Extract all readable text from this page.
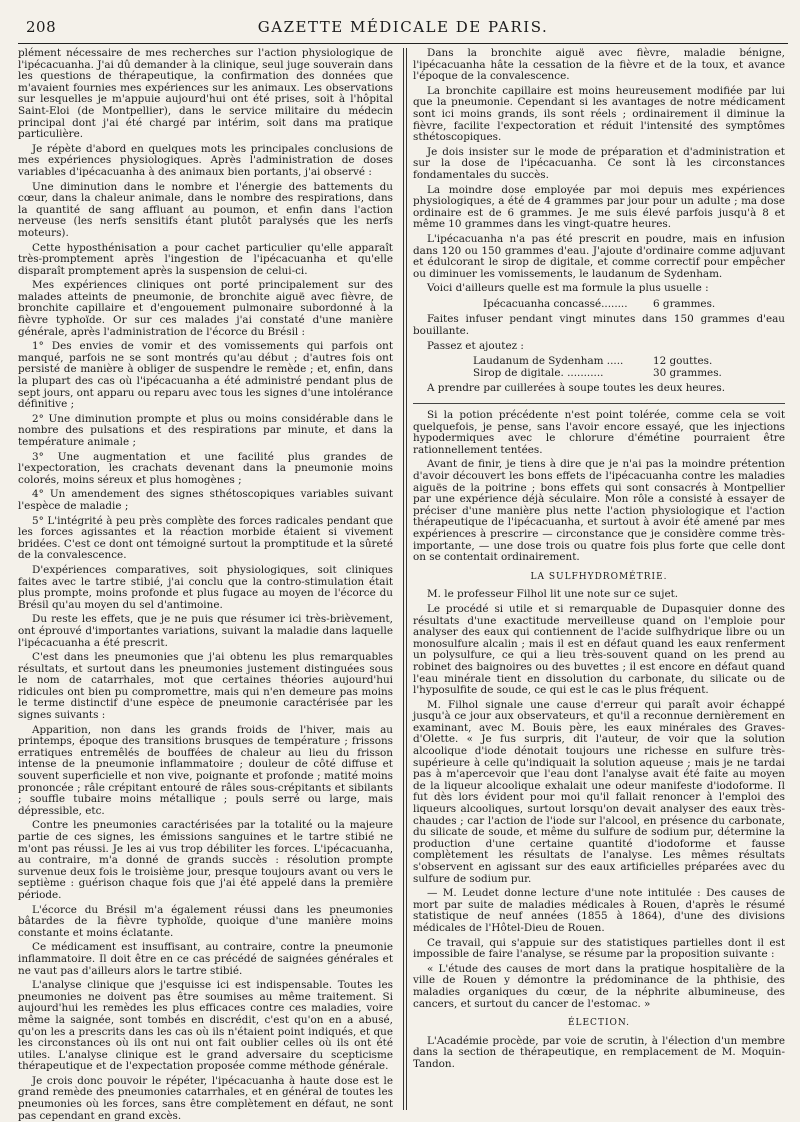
208	GAZETTE MÉDICALE DE PARIS.

plément nécessaire de mes recherches sur l'action physiologique de l'ipécacuanha. J'ai dû demander à la clinique, seul juge souverain dans les questions de thérapeutique, la confirmation des données que m'avaient fournies mes expériences sur les animaux. Les observations sur lesquelles je m'appuie aujourd'hui ont été prises, soit à l'hôpital Saint-Eloi (de Montpellier), dans le service militaire du médecin principal dont j'ai été chargé par intérim, soit dans ma pratique particulière.

Je répète d'abord en quelques mots les principales conclusions de mes expériences physiologiques. Après l'administration de doses variables d'ipécacuanha à des animaux bien portants, j'ai observé :

Une diminution dans le nombre et l'énergie des battements du cœur, dans la chaleur animale, dans le nombre des respirations, dans la quantité de sang affluant au poumon, et enfin dans l'action nerveuse (les nerfs sensitifs étant plutôt paralysés que les nerfs moteurs).

Cette hyposthénisation a pour cachet particulier qu'elle apparaît très-promptement après l'ingestion de l'ipécacuanha et qu'elle disparaît promptement après la suspension de celui-ci.

Mes expériences cliniques ont porté principalement sur des malades atteints de pneumonie, de bronchite aiguë avec fièvre, de bronchite capillaire et d'engouement pulmonaire subordonné à la fièvre typhoïde. Or sur ces malades j'ai constaté d'une manière générale, après l'administration de l'écorce du Brésil :

1° Des envies de vomir et des vomissements qui parfois ont manqué, parfois ne se sont montrés qu'au début ; d'autres fois ont persisté de manière à obliger de suspendre le remède ; et, enfin, dans la plupart des cas où l'ipécacuanha a été administré pendant plus de sept jours, ont apparu ou reparu avec tous les signes d'une intolérance définitive ;

2° Une diminution prompte et plus ou moins considérable dans le nombre des pulsations et des respirations par minute, et dans la température animale ;

3° Une augmentation et une facilité plus grandes de l'expectoration, les crachats devenant dans la pneumonie moins colorés, moins séreux et plus homogènes ;

4° Un amendement des signes sthétoscopiques variables suivant l'espèce de maladie ;

5° L'intégrité à peu près complète des forces radicales pendant que les forces agissantes et la réaction morbide étaient si vivement bridées. C'est ce dont ont témoigné surtout la promptitude et la sûreté de la convalescence.

D'expériences comparatives, soit physiologiques, soit cliniques faites avec le tartre stibié, j'ai conclu que la contro-stimulation était plus prompte, moins profonde et plus fugace au moyen de l'écorce du Brésil qu'au moyen du sel d'antimoine.

Du reste les effets, que je ne puis que résumer ici très-brièvement, ont éprouvé d'importantes variations, suivant la maladie dans laquelle l'ipécacuanha a été prescrit.

C'est dans les pneumonies que j'ai obtenu les plus remarquables résultats, et surtout dans les pneumonies justement distinguées sous le nom de catarrhales, mot que certaines théories aujourd'hui ridicules ont bien pu compromettre, mais qui n'en demeure pas moins le terme distinctif d'une espèce de pneumonie caractérisée par les signes suivants :

Apparition, non dans les grands froids de l'hiver, mais au printemps, époque des transitions brusques de température ; frissons erratiques entremêlés de bouffées de chaleur au lieu du frisson intense de la pneumonie inflammatoire ; douleur de côté diffuse et souvent superficielle et non vive, poignante et profonde ; matité moins prononcée ; râle crépitant entouré de râles sous-crépitants et sibilants ; souffle tubaire moins métallique ; pouls serré ou large, mais dépressible, etc.

Contre les pneumonies caractérisées par la totalité ou la majeure partie de ces signes, les émissions sanguines et le tartre stibié ne m'ont pas réussi. Je les ai vus trop débiliter les forces. L'ipécacuanha, au contraire, m'a donné de grands succès : résolution prompte survenue deux fois le troisième jour, presque toujours avant ou vers le septième : guérison chaque fois que j'ai été appelé dans la première période.

L'écorce du Brésil m'a également réussi dans les pneumonies bâtardes de la fièvre typhoïde, quoique d'une manière moins constante et moins éclatante.

Ce médicament est insuffisant, au contraire, contre la pneumonie inflammatoire. Il doit être en ce cas précédé de saignées générales et ne vaut pas d'ailleurs alors le tartre stibié.

L'analyse clinique que j'esquisse ici est indispensable. Toutes les pneumonies ne doivent pas être soumises au même traitement. Si aujourd'hui les remèdes les plus efficaces contre ces maladies, voire même la saignée, sont tombés en discrédit, c'est qu'on en a abusé, qu'on les a prescrits dans les cas où ils n'étaient point indiqués, et que les circonstances où ils ont nui ont fait oublier celles où ils ont été utiles. L'analyse clinique est le grand adversaire du scepticisme thérapeutique et de l'expectation proposée comme méthode générale.

Je crois donc pouvoir le répéter, l'ipécacuanha à haute dose est le grand remède des pneumonies catarrhales, et en général de toutes les pneumonies où les forces, sans être complètement en défaut, ne sont pas cependant en grand excès.

Dans la bronchite aiguë avec fièvre, maladie bénigne, l'ipécacuanha hâte la cessation de la fièvre et de la toux, et avance l'époque de la convalescence.

La bronchite capillaire est moins heureusement modifiée par lui que la pneumonie. Cependant si les avantages de notre médicament sont ici moins grands, ils sont réels ; ordinairement il diminue la fièvre, facilite l'expectoration et réduit l'intensité des symptômes sthétoscopiques.

Je dois insister sur le mode de préparation et d'administration et sur la dose de l'ipécacuanha. Ce sont là les circonstances fondamentales du succès.

La moindre dose employée par moi depuis mes expériences physiologiques, a été de 4 grammes par jour pour un adulte ; ma dose ordinaire est de 6 grammes. Je me suis élevé parfois jusqu'à 8 et même 10 grammes dans les vingt-quatre heures.

L'ipécacuanha n'a pas été prescrit en poudre, mais en infusion dans 120 ou 150 grammes d'eau. J'ajoute d'ordinaire comme adjuvant et édulcorant le sirop de digitale, et comme correctif pour empêcher ou diminuer les vomissements, le laudanum de Sydenham.

Voici d'ailleurs quelle est ma formule la plus usuelle :

Ipécacuanha concassé........	6 grammes.

Faites infuser pendant vingt minutes dans 150 grammes d'eau bouillante.

Passez et ajoutez :

Laudanum de Sydenham .....	12 gouttes.
Sirop de digitale. ...........	30 grammes.

A prendre par cuillerées à soupe toutes les deux heures.

Si la potion précédente n'est point tolérée, comme cela se voit quelquefois, je pense, sans l'avoir encore essayé, que les injections hypodermiques avec le chlorure d'émétine pourraient être rationnellement tentées.

Avant de finir, je tiens à dire que je n'ai pas la moindre prétention d'avoir découvert les bons effets de l'ipécacuanha contre les maladies aiguës de la poitrine ; bons effets qui sont consacrés à Montpellier par une expérience déjà séculaire. Mon rôle a consisté à essayer de préciser d'une manière plus nette l'action physiologique et l'action thérapeutique de l'ipécacuanha, et surtout à avoir été amené par mes expériences à prescrire — circonstance que je considère comme très-importante, — une dose trois ou quatre fois plus forte que celle dont on se contentait ordinairement.

LA SULFHYDROMÉTRIE.

M. le professeur Filhol lit une note sur ce sujet.

Le procédé si utile et si remarquable de Dupasquier donne des résultats d'une exactitude merveilleuse quand on l'emploie pour analyser des eaux qui contiennent de l'acide sulfhydrique libre ou un monosulfure alcalin ; mais il est en défaut quand les eaux renferment un polysulfure, ce qui a lieu très-souvent quand on les prend au robinet des baignoires ou des buvettes ; il est encore en défaut quand l'eau minérale tient en dissolution du carbonate, du silicate ou de l'hyposulfite de soude, ce qui est le cas le plus fréquent.

M. Filhol signale une cause d'erreur qui paraît avoir échappé jusqu'à ce jour aux observateurs, et qu'il a reconnue dernièrement en examinant, avec M. Bouis père, les eaux minérales des Graves-d'Olette. « Je fus surpris, dit l'auteur, de voir que la solution alcoolique d'iode dénotait toujours une richesse en sulfure très-supérieure à celle qu'indiquait la solution aqueuse ; mais je ne tardai pas à m'apercevoir que l'eau dont l'analyse avait été faite au moyen de la liqueur alcoolique exhalait une odeur manifeste d'iodoforme. Il fut dès lors évident pour moi qu'il fallait renoncer à l'emploi des liqueurs alcooliques, surtout lorsqu'on devait analyser des eaux très-chaudes ; car l'action de l'iode sur l'alcool, en présence du carbonate, du silicate de soude, et même du sulfure de sodium pur, détermine la production d'une certaine quantité d'iodoforme et fausse complètement les résultats de l'analyse. Les mêmes résultats s'observent en agissant sur des eaux artificielles préparées avec du sulfure de sodium pur.

— M. Leudet donne lecture d'une note intitulée : Des causes de mort par suite de maladies médicales à Rouen, d'après le résumé statistique de neuf années (1855 à 1864), d'une des divisions médicales de l'Hôtel-Dieu de Rouen.

Ce travail, qui s'appuie sur des statistiques partielles dont il est impossible de faire l'analyse, se résume par la proposition suivante :

« L'étude des causes de mort dans la pratique hospitalière de la ville de Rouen y démontre la prédominance de la phthisie, des maladies organiques du cœur, de la néphrite albumineuse, des cancers, et surtout du cancer de l'estomac. »

ÉLECTION.

L'Académie procède, par voie de scrutin, à l'élection d'un membre dans la section de thérapeutique, en remplacement de M. Moquin-Tandon.
